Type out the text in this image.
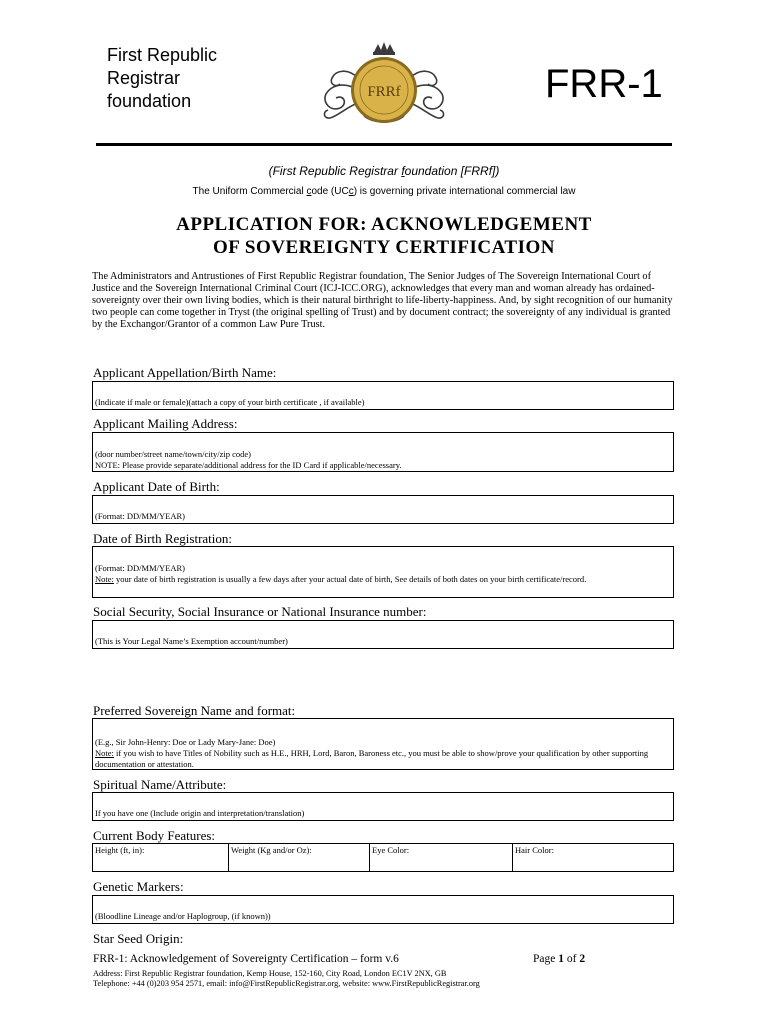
First Republic Registrar foundation	FRRf	FRR-1
(First Republic Registrar foundation [FRRf])
The Uniform Commercial code (UCc) is governing private international commercial law
APPLICATION FOR: ACKNOWLEDGEMENT
OF SOVEREIGNTY CERTIFICATION
The Administrators and Antrustiones of First Republic Registrar foundation, The Senior Judges of The Sovereign International Court of Justice and the Sovereign International Criminal Court (ICJ-ICC.ORG), acknowledges that every man and woman already has ordained-sovereignty over their own living bodies, which is their natural birthright to life-liberty-happiness. And, by sight recognition of our humanity two people can come together in Tryst (the original spelling of Trust) and by document contract; the sovereignty of any individual is granted by the Exchangor/Grantor of a common Law Pure Trust.
Applicant Appellation/Birth Name:
(Indicate if male or female)(attach a copy of your birth certificate , if available)
Applicant Mailing Address:
(door number/street name/town/city/zip code)
NOTE: Please provide separate/additional address for the ID Card if applicable/necessary.
Applicant Date of Birth:
(Format: DD/MM/YEAR)
Date of Birth Registration:
(Format: DD/MM/YEAR)
Note: your date of birth registration is usually a few days after your actual date of birth, See details of both dates on your birth certificate/record.
Social Security, Social Insurance or National Insurance number:
(This is Your Legal Name’s Exemption account/number)
Preferred Sovereign Name and format:
(E.g., Sir John-Henry: Doe or Lady Mary-Jane: Doe)
Note: if you wish to have Titles of Nobility such as H.E., HRH, Lord, Baron, Baroness etc., you must be able to show/prove your qualification by other supporting documentation or attestation.
Spiritual Name/Attribute:
If you have one (Include origin and interpretation/translation)
Current Body Features:
Height (ft, in):	Weight (Kg and/or Oz):	Eye Color:	Hair Color:
Genetic Markers:
(Bloodline Lineage and/or Haplogroup, (if known))
Star Seed Origin:
FRR-1: Acknowledgement of Sovereignty Certification – form v.6	Page 1 of 2
Address: First Republic Registrar foundation, Kemp House, 152-160, City Road, London EC1V 2NX, GB
Telephone: +44 (0)203 954 2571, email: info@FirstRepublicRegistrar.org, website: www.FirstRepublicRegistrar.org
